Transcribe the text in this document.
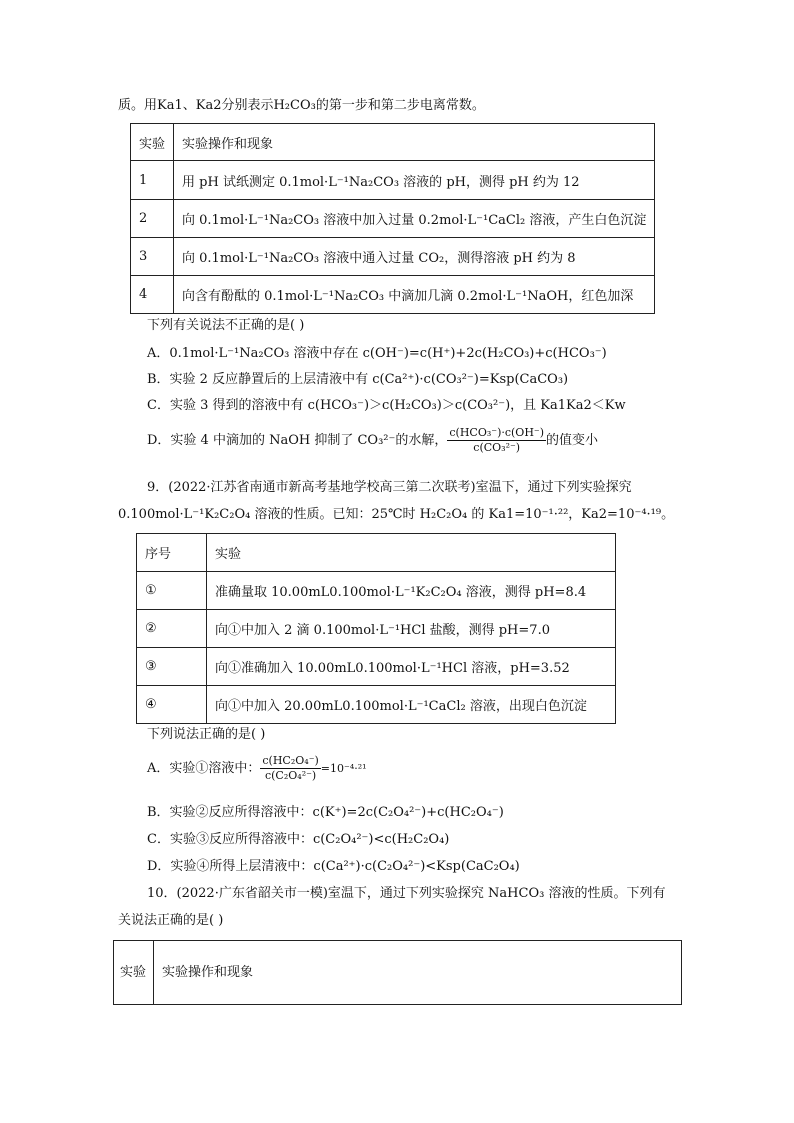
质。用Ka1、Ka2分别表示H₂CO₃的第一步和第二步电离常数。
实验	实验操作和现象
1	用 pH 试纸测定 0.1mol·L⁻¹Na₂CO₃ 溶液的 pH，测得 pH 约为 12
2	向 0.1mol·L⁻¹Na₂CO₃ 溶液中加入过量 0.2mol·L⁻¹CaCl₂ 溶液，产生白色沉淀
3	向 0.1mol·L⁻¹Na₂CO₃ 溶液中通入过量 CO₂，测得溶液 pH 约为 8
4	向含有酚酞的 0.1mol·L⁻¹Na₂CO₃ 中滴加几滴 0.2mol·L⁻¹NaOH，红色加深
下列有关说法不正确的是( )
A．0.1mol·L⁻¹Na₂CO₃ 溶液中存在 c(OH⁻)=c(H⁺)+2c(H₂CO₃)+c(HCO₃⁻)
B．实验 2 反应静置后的上层清液中有 c(Ca²⁺)·c(CO₃²⁻)=Ksp(CaCO₃)
C．实验 3 得到的溶液中有 c(HCO₃⁻)＞c(H₂CO₃)＞c(CO₃²⁻)，且 Ka1Ka2＜Kw
D．实验 4 中滴加的 NaOH 抑制了 CO₃²⁻的水解， $\frac{\text{c(HCO₃⁻)·c(OH⁻)}}{\text{c(CO₃²⁻)}}$ 的值变小
9．(2022·江苏省南通市新高考基地学校高三第二次联考)室温下，通过下列实验探究
0.100mol·L⁻¹K₂C₂O₄ 溶液的性质。已知：25℃时 H₂C₂O₄ 的 Ka1=10⁻¹·²²，Ka2=10⁻⁴·¹⁹。
序号	实验
①	准确量取 10.00mL0.100mol·L⁻¹K₂C₂O₄ 溶液，测得 pH=8.4
②	向①中加入 2 滴 0.100mol·L⁻¹HCl 盐酸，测得 pH=7.0
③	向①准确加入 10.00mL0.100mol·L⁻¹HCl 溶液，pH=3.52
④	向①中加入 20.00mL0.100mol·L⁻¹CaCl₂ 溶液，出现白色沉淀
下列说法正确的是( )
A．实验①溶液中： $\frac{\text{c(HC₂O₄⁻)}}{\text{c(C₂O₄²⁻)}} =10^{-4}\cdot^{21}$
B．实验②反应所得溶液中：c(K⁺)=2c(C₂O₄²⁻)+c(HC₂O₄⁻)
C．实验③反应所得溶液中：c(C₂O₄²⁻)<c(H₂C₂O₄)
D．实验④所得上层清液中：c(Ca²⁺)·c(C₂O₄²⁻)<Ksp(CaC₂O₄)
10．(2022·广东省韶关市一模)室温下，通过下列实验探究 NaHCO₃ 溶液的性质。下列有
关说法正确的是( )
实验	实验操作和现象
